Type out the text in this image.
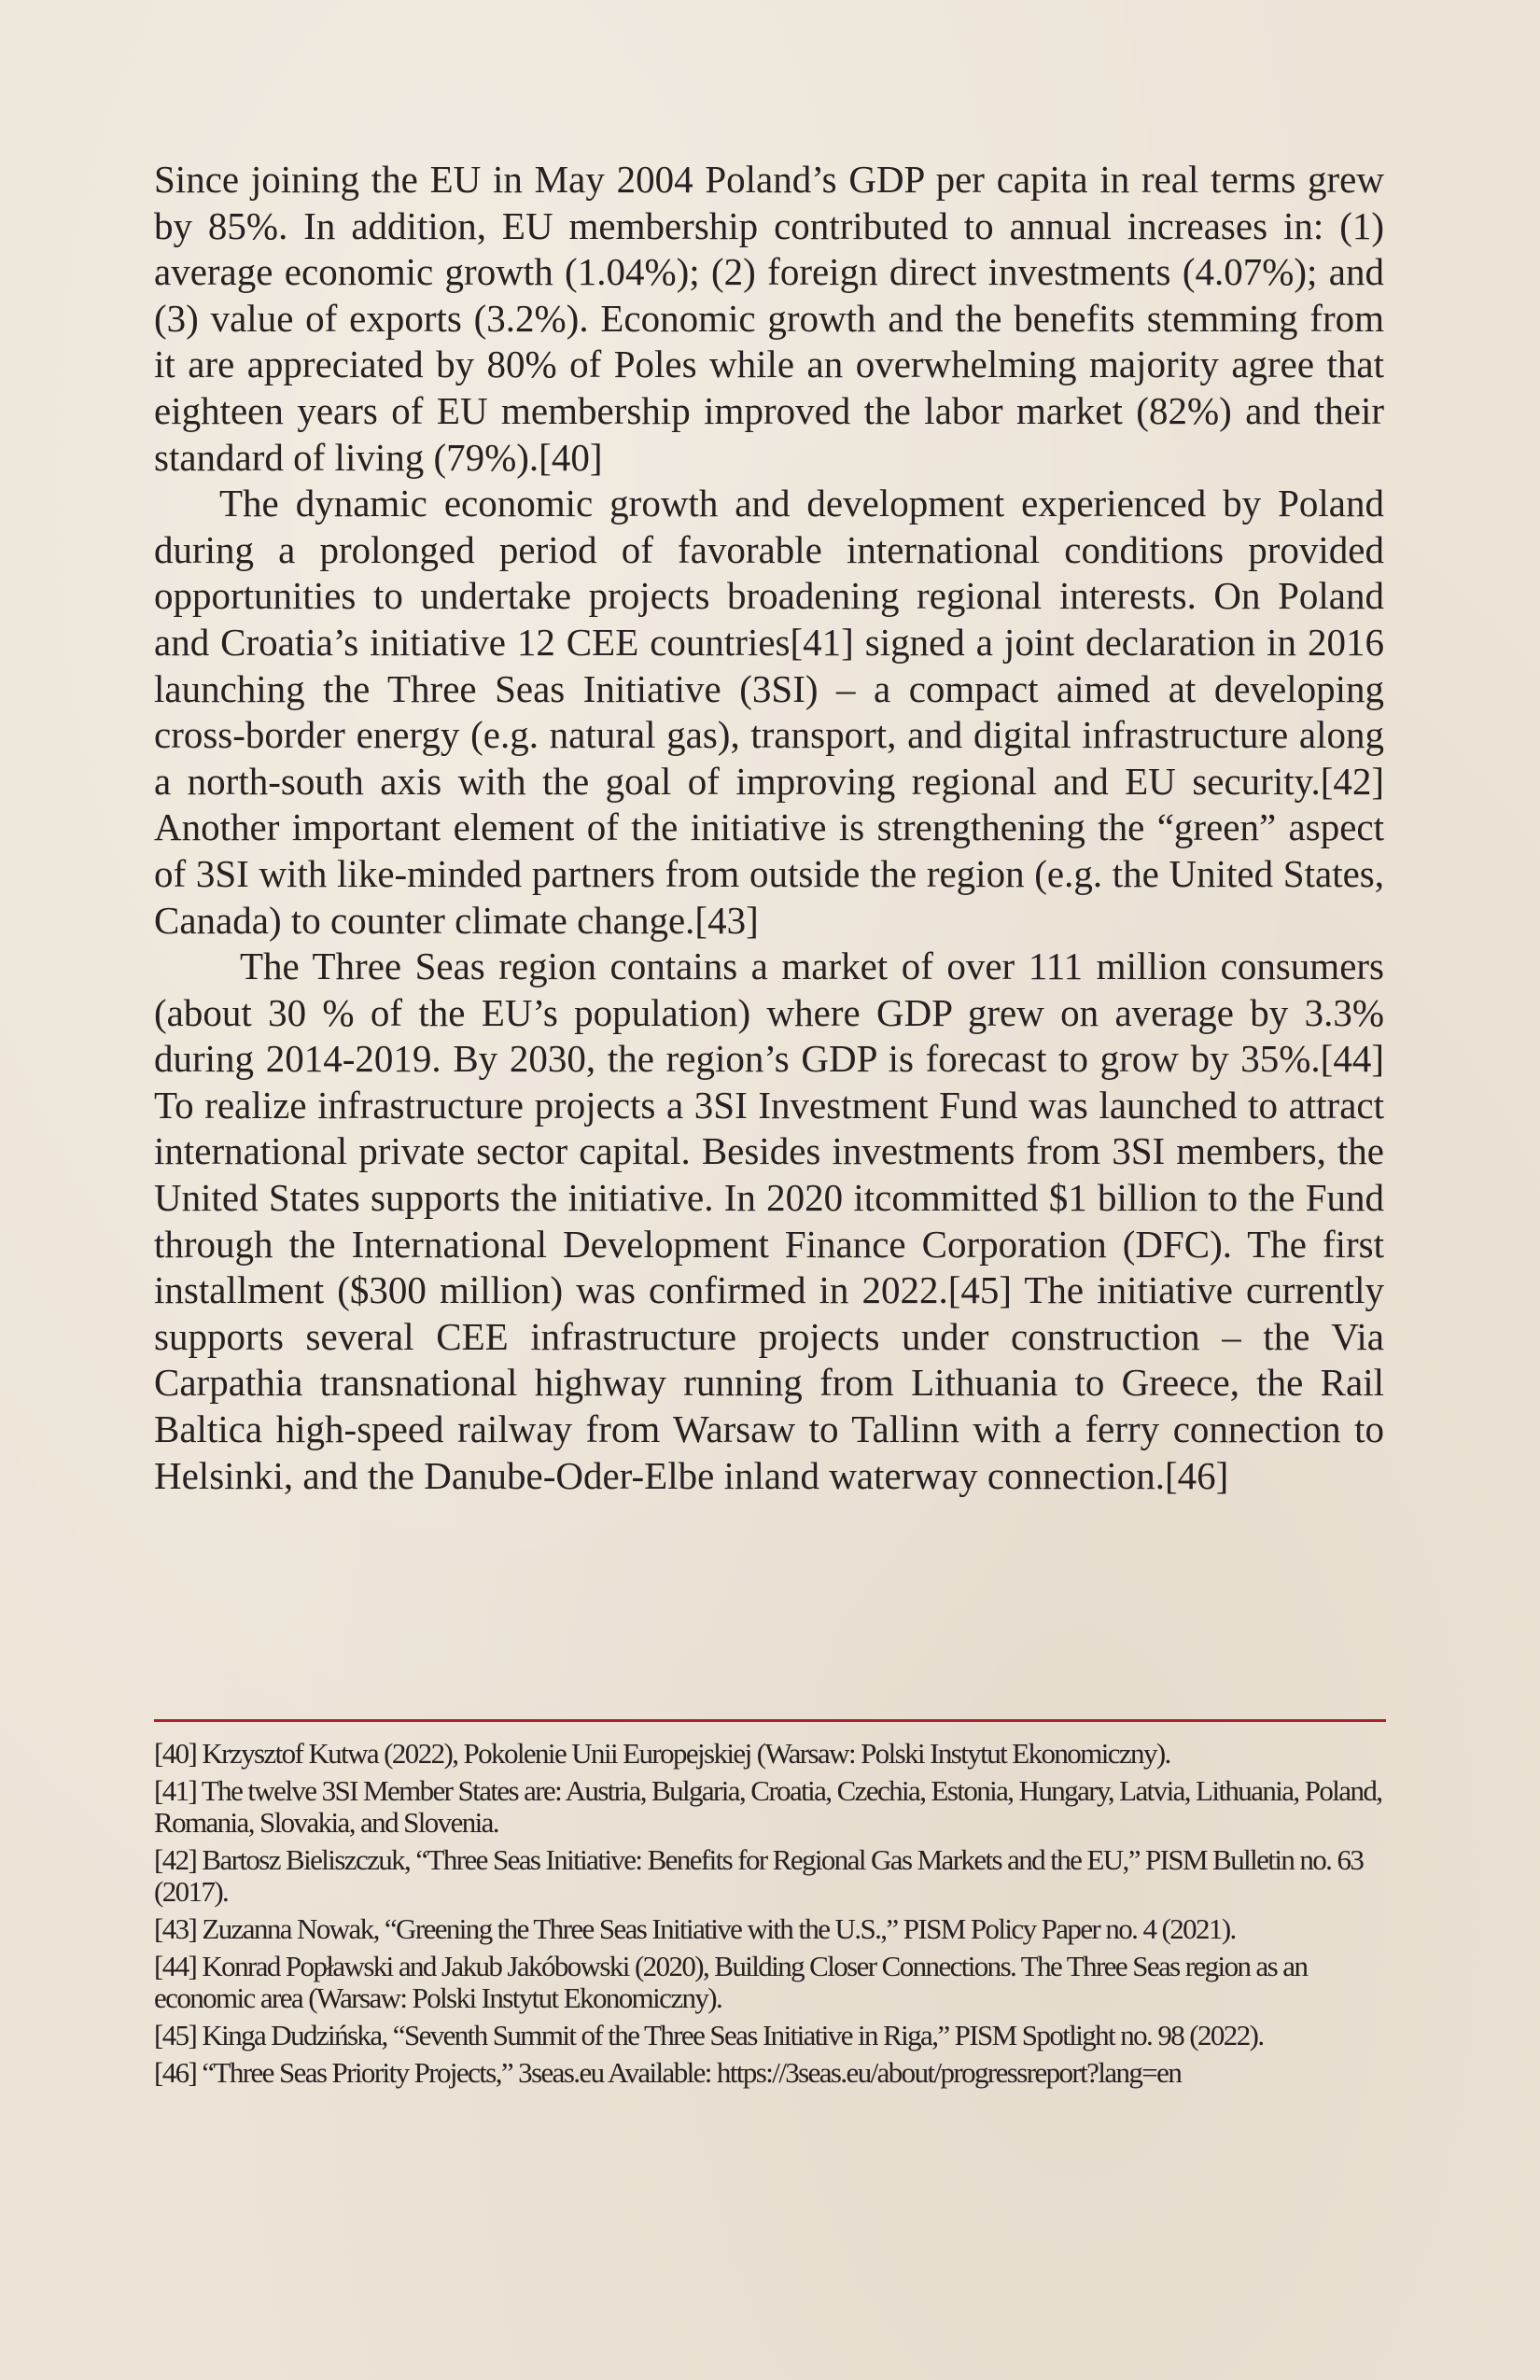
Since joining the EU in May 2004 Poland’s GDP per capita in real terms grew by 85%. In addition, EU membership contributed to annual increases in: (1) average economic growth (1.04%); (2) foreign direct investments (4.07%); and (3) value of exports (3.2%). Economic growth and the benefits stemming from it are appreciated by 80% of Poles while an overwhelming majority agree that eighteen years of EU membership improved the labor market (82%) and their standard of living (79%).[40]

The dynamic economic growth and development experienced by Poland during a prolonged period of favorable international conditions provided opportunities to undertake projects broadening regional interests. On Poland and Croatia’s initiative 12 CEE countries[41] signed a joint declaration in 2016 launching the Three Seas Initiative (3SI) – a compact aimed at developing cross-border energy (e.g. natural gas), transport, and digital infrastructure along a north-south axis with the goal of improving regional and EU security.[42] Another important element of the initiative is strengthening the “green” aspect of 3SI with like-minded partners from outside the region (e.g. the United States, Canada) to counter climate change.[43]

The Three Seas region contains a market of over 111 million consumers (about 30 % of the EU’s population) where GDP grew on average by 3.3% during 2014-2019. By 2030, the region’s GDP is forecast to grow by 35%.[44] To realize infrastructure projects a 3SI Investment Fund was launched to attract international private sector capital. Besides investments from 3SI members, the United States supports the initiative. In 2020 itcommitted $1 billion to the Fund through the International Development Finance Corporation (DFC). The first installment ($300 million) was confirmed in 2022.[45] The initiative currently supports several CEE infrastructure projects under construction – the Via Carpathia transnational highway running from Lithuania to Greece, the Rail Baltica high-speed railway from Warsaw to Tallinn with a ferry connection to Helsinki, and the Danube-Oder-Elbe inland waterway connection.[46]

[40] Krzysztof Kutwa (2022), Pokolenie Unii Europejskiej (Warsaw: Polski Instytut Ekonomiczny).

[41] The twelve 3SI Member States are: Austria, Bulgaria, Croatia, Czechia, Estonia, Hungary, Latvia, Lithuania, Poland, Romania, Slovakia, and Slovenia.

[42] Bartosz Bieliszczuk, “Three Seas Initiative: Benefits for Regional Gas Markets and the EU,” PISM Bulletin no. 63 (2017).

[43] Zuzanna Nowak, “Greening the Three Seas Initiative with the U.S.,” PISM Policy Paper no. 4 (2021).

[44] Konrad Popławski and Jakub Jakóbowski (2020), Building Closer Connections. The Three Seas region as an economic area (Warsaw: Polski Instytut Ekonomiczny).

[45] Kinga Dudzińska, “Seventh Summit of the Three Seas Initiative in Riga,” PISM Spotlight no. 98 (2022).

[46] “Three Seas Priority Projects,” 3seas.eu Available: https://3seas.eu/about/progressreport?lang=en
